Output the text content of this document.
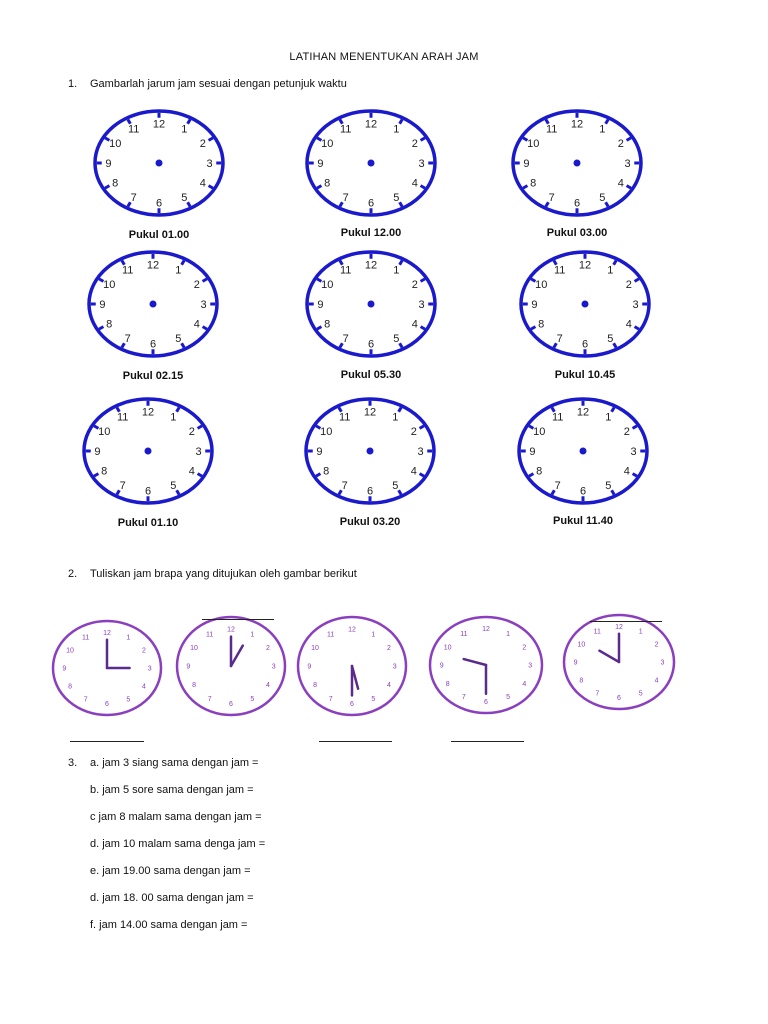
LATIHAN MENENTUKAN ARAH JAM
1. Gambarlah jarum jam sesuai dengan petunjuk waktu
12 1
2
3
4
5
6
7
8
9
10
11
Pukul 01.00
12 1
2
3
4
5
6
7
8
9
10
11
Pukul 12.00
12 1
2
3
4
5
6
7
8
9
10
11
Pukul 03.00
12 1
2
3
4
5
6
7
8
9
10
11
Pukul 02.15
12 1
2
3
4
5
6
7
8
9
10
11
Pukul 05.30
12 1
2
3
4
5
6
7
8
9
10
11
Pukul 10.45
12 1
2
3
4
5
6
7
8
9
10
11
Pukul 01.10
12 1
2
3
4
5
6
7
8
9
10
11
Pukul 03.20
12 1
2
3
4
5
6
7
8
9
10
11
Pukul 11.40
2. Tuliskan jam brapa yang ditujukan oleh gambar berikut
12
1
2
3
4
5
6
7
8
9
10
11
12
1
2
3
4
5
6
7
8
9
10
11
12
1
2
3
4
5
6
7
8
9
10
11
12
1
2
3
4
5
6
7
8
9
10
11
12
1
2
3
4
5
6
7
8
9
10
11
3. a. jam 3 siang sama dengan jam =
b. jam 5 sore sama dengan jam =
c jam 8 malam sama dengan jam =
d. jam 10 malam sama denga jam =
e. jam 19.00 sama dengan jam =
d. jam 18. 00 sama dengan jam =
f. jam 14.00 sama dengan jam =
